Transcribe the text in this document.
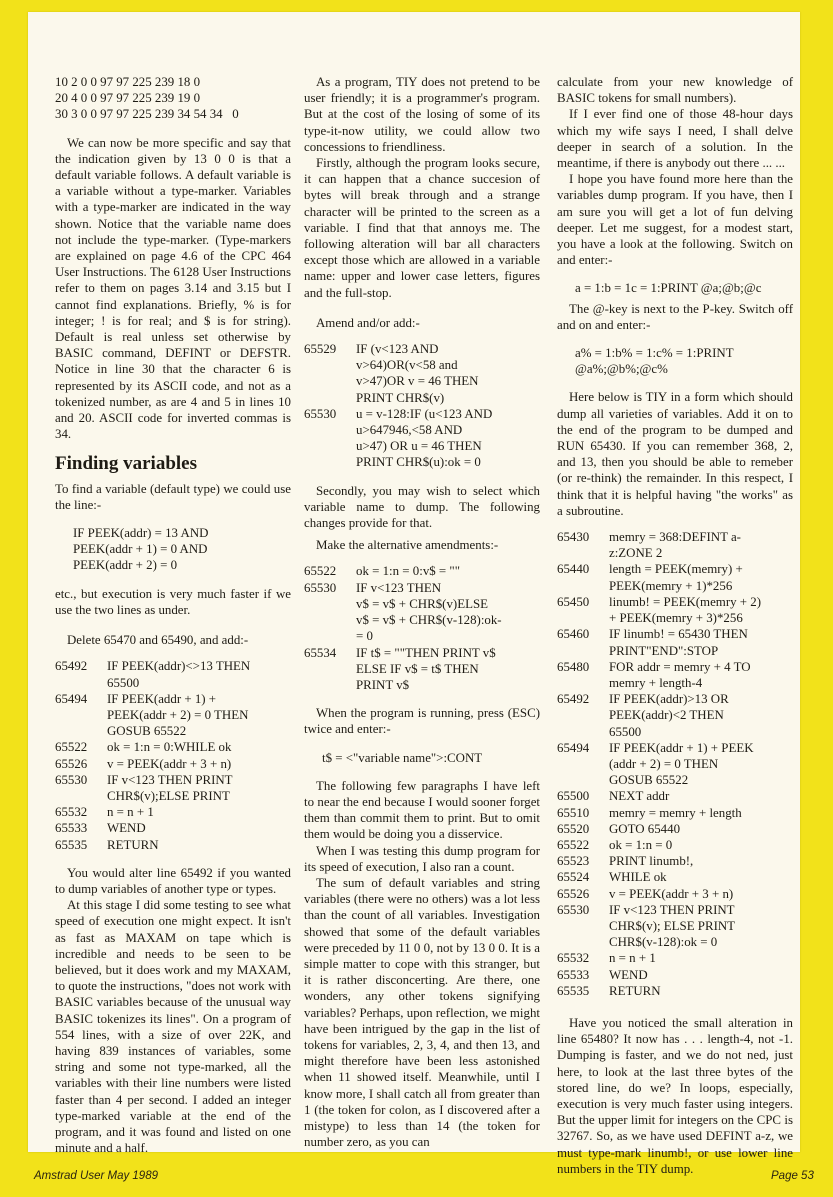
10 2 0 0 97 97 225 239 18 0
20 4 0 0 97 97 225 239 19 0
30 3 0 0 97 97 225 239 34 54 34   0

We can now be more specific and say that the indication given by 13 0 0 is that a default variable follows. A default variable is a variable without a type-marker. Variables with a type-marker are indicated in the way shown. Notice that the variable name does not include the type-marker. (Type-markers are explained on page 4.6 of the CPC 464 User Instructions. The 6128 User Instructions refer to them on pages 3.14 and 3.15 but I cannot find explanations. Briefly, % is for integer; ! is for real; and $ is for string). Default is real unless set otherwise by BASIC command, DEFINT or DEFSTR. Notice in line 30 that the character 6 is represented by its ASCII code, and not as a tokenized number, as are 4 and 5 in lines 10 and 20. ASCII code for inverted commas is 34.

Finding variables

To find a variable (default type) we could use the line:-

IF PEEK(addr) = 13 AND
PEEK(addr + 1) = 0 AND
PEEK(addr + 2) = 0

etc., but execution is very much faster if we use the two lines as under.

Delete 65470 and 65490, and add:-

65492	IF PEEK(addr)<>13 THEN
65500
65494	IF PEEK(addr + 1) +
PEEK(addr + 2) = 0 THEN
GOSUB 65522
65522	ok = 1:n = 0:WHILE ok
65526	v = PEEK(addr + 3 + n)
65530	IF v<123 THEN PRINT
CHR$(v);ELSE PRINT
65532	n = n + 1
65533	WEND
65535	RETURN

You would alter line 65492 if you wanted to dump variables of another type or types.

At this stage I did some testing to see what speed of execution one might expect. It isn't as fast as MAXAM on tape which is incredible and needs to be seen to be believed, but it does work and my MAXAM, to quote the instructions, "does not work with BASIC variables because of the unusual way BASIC tokenizes its lines". On a program of 554 lines, with a size of over 22K, and having 839 instances of variables, some string and some not type-marked, all the variables with their line numbers were listed faster than 4 per second. I added an integer type-marked variable at the end of the program, and it was found and listed on one minute and a half.

As a program, TIY does not pretend to be user friendly; it is a programmer's program. But at the cost of the losing of some of its type-it-now utility, we could allow two concessions to friendliness.

Firstly, although the program looks secure, it can happen that a chance succesion of bytes will break through and a strange character will be printed to the screen as a variable. I find that that annoys me. The following alteration will bar all characters except those which are allowed in a variable name: upper and lower case letters, figures and the full-stop.

Amend and/or add:-

65529	IF (v<123 AND
v>64)OR(v<58 and
v>47)OR v = 46 THEN
PRINT CHR$(v)
65530	u = v-128:IF (u<123 AND
u>647946,<58 AND
u>47) OR u = 46 THEN
PRINT CHR$(u):ok = 0

Secondly, you may wish to select which variable name to dump. The following changes provide for that.

Make the alternative amendments:-

65522	ok = 1:n = 0:v$ = ""
65530	IF v<123 THEN
v$ = v$ + CHR$(v)ELSE
v$ = v$ + CHR$(v-128):ok-
= 0
65534	IF t$ = ""THEN PRINT v$
ELSE IF v$ = t$ THEN
PRINT v$

When the program is running, press (ESC) twice and enter:-

t$ = <"variable name">:CONT

The following few paragraphs I have left to near the end because I would sooner forget them than commit them to print. But to omit them would be doing you a disservice.

When I was testing this dump program for its speed of execution, I also ran a count.

The sum of default variables and string variables (there were no others) was a lot less than the count of all variables. Investigation showed that some of the default variables were preceded by 11 0 0, not by 13 0 0. It is a simple matter to cope with this stranger, but it is rather disconcerting. Are there, one wonders, any other tokens signifying variables? Perhaps, upon reflection, we might have been intrigued by the gap in the list of tokens for variables, 2, 3, 4, and then 13, and might therefore have been less astonished when 11 showed itself. Meanwhile, until I know more, I shall catch all from greater than 1 (the token for colon, as I discovered after a mistype) to less than 14 (the token for number zero, as you can

calculate from your new knowledge of BASIC tokens for small numbers).

If I ever find one of those 48-hour days which my wife says I need, I shall delve deeper in search of a solution. In the meantime, if there is anybody out there ... ...

I hope you have found more here than the variables dump program. If you have, then I am sure you will get a lot of fun delving deeper. Let me suggest, for a modest start, you have a look at the following. Switch on and enter:-

a = 1:b = 1c = 1:PRINT @a;@b;@c

The @-key is next to the P-key. Switch off and on and enter:-

a% = 1:b% = 1:c% = 1:PRINT
@a%;@b%;@c%

Here below is TIY in a form which should dump all varieties of variables. Add it on to the end of the program to be dumped and RUN 65430. If you can remember 368, 2, and 13, then you should be able to remeber (or re-think) the remainder. In this respect, I think that it is helpful having "the works" as a subroutine.

65430	memry = 368:DEFINT a-
z:ZONE 2
65440	length = PEEK(memry) +
PEEK(memry + 1)*256
65450	linumb! = PEEK(memry + 2)
+ PEEK(memry + 3)*256
65460	IF linumb! = 65430 THEN
PRINT"END":STOP
65480	FOR addr = memry + 4 TO
memry + length-4
65492	IF PEEK(addr)>13 OR
PEEK(addr)<2 THEN
65500
65494	IF PEEK(addr + 1) + PEEK
(addr + 2) = 0 THEN
GOSUB 65522
65500	NEXT addr
65510	memry = memry + length
65520	GOTO 65440
65522	ok = 1:n = 0
65523	PRINT linumb!,
65524	WHILE ok
65526	v = PEEK(addr + 3 + n)
65530	IF v<123 THEN PRINT
CHR$(v); ELSE PRINT
CHR$(v-128):ok = 0
65532	n = n + 1
65533	WEND
65535	RETURN

Have you noticed the small alteration in line 65480? It now has . . . length-4, not -1. Dumping is faster, and we do not ned, just here, to look at the last three bytes of the stored line, do we? In loops, especially, execution is very much faster using integers. But the upper limit for integers on the CPC is 32767. So, as we have used DEFINT a-z, we must type-mark linumb!, or use lower line numbers in the TIY dump.

Amstrad User May 1989	Page 53
